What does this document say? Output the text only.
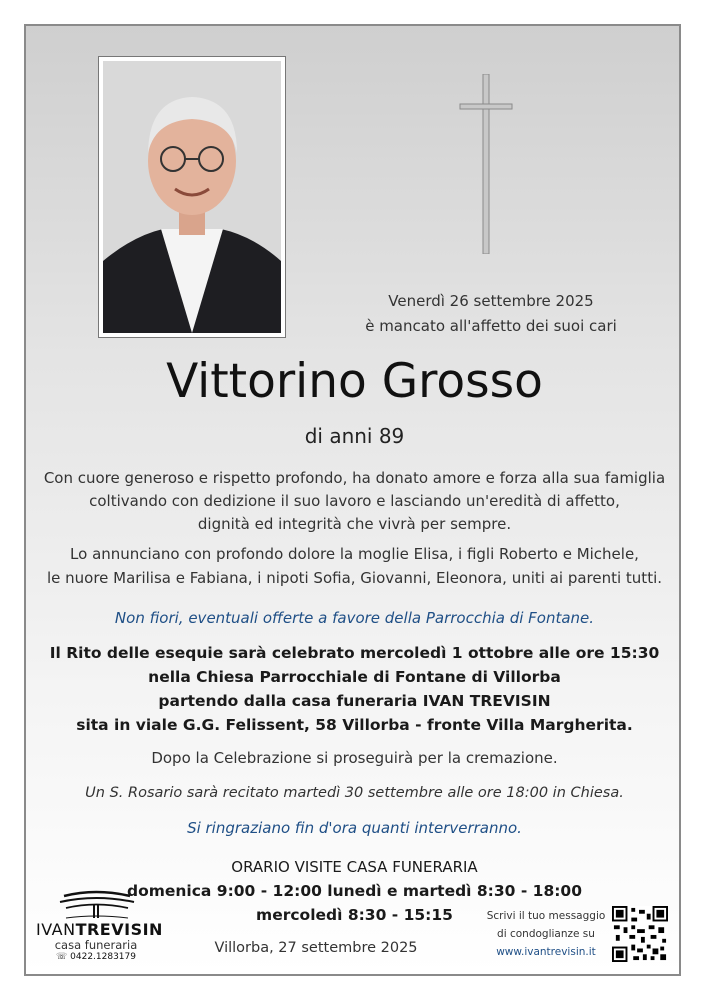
Venerdì 26 settembre 2025
è mancato all'affetto dei suoi cari
Vittorino Grosso
di anni 89
Con cuore generoso e rispetto profondo, ha donato amore e forza alla sua famiglia
coltivando con dedizione il suo lavoro e lasciando un'eredità di affetto,
dignità ed integrità che vivrà per sempre.
Lo annunciano con profondo dolore la moglie Elisa, i figli Roberto e Michele,
le nuore Marilisa e Fabiana, i nipoti Sofia, Giovanni, Eleonora, uniti ai parenti tutti.
Non fiori, eventuali offerte a favore della Parrocchia di Fontane.
Il Rito delle esequie sarà celebrato mercoledì 1 ottobre alle ore 15:30
nella Chiesa Parrocchiale di Fontane di Villorba
partendo dalla casa funeraria IVAN TREVISIN
sita in viale G.G. Felissent, 58 Villorba - fronte Villa Margherita.
Dopo la Celebrazione si proseguirà per la cremazione.
Un S. Rosario sarà recitato martedì 30 settembre alle ore 18:00 in Chiesa.
Si ringraziano fin d'ora quanti interverranno.
ORARIO VISITE CASA FUNERARIA
domenica 9:00 - 12:00 lunedì e martedì 8:30 - 18:00
mercoledì 8:30 - 15:15
IVANTREVISIN
casa funeraria
☏ 0422.1283179
Villorba, 27 settembre 2025
Scrivi il tuo messaggio
di condoglianze su
www.ivantrevisin.it
